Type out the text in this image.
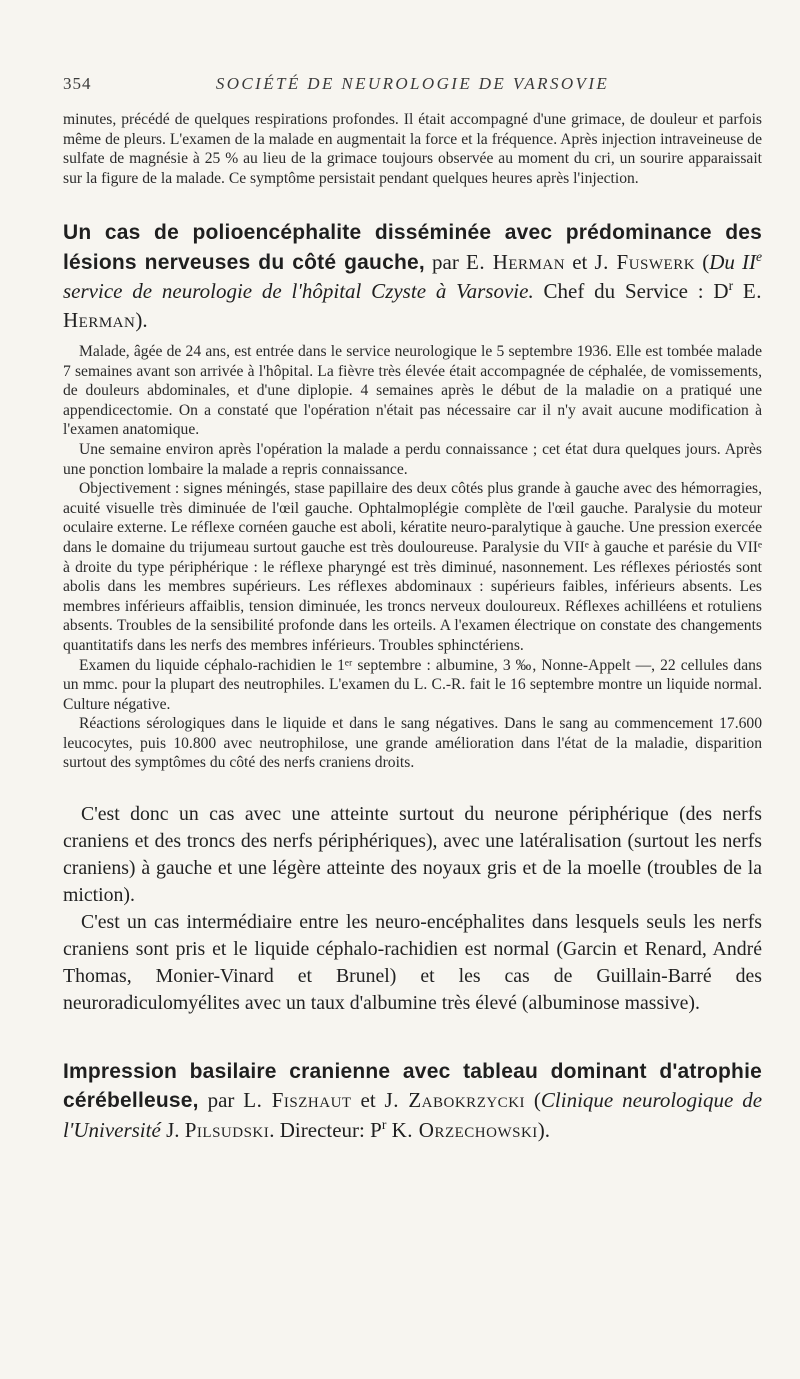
354	SOCIÉTÉ DE NEUROLOGIE DE VARSOVIE

minutes, précédé de quelques respirations profondes. Il était accompagné d'une grimace, de douleur et parfois même de pleurs. L'examen de la malade en augmentait la force et la fréquence. Après injection intraveineuse de sulfate de magnésie à 25 % au lieu de la grimace toujours observée au moment du cri, un sourire apparaissait sur la figure de la malade. Ce symptôme persistait pendant quelques heures après l'injection.

Un cas de polioencéphalite disséminée avec prédominance des lésions nerveuses du côté gauche, par E. Herman et J. Fuswerk (Du IIe service de neurologie de l'hôpital Czyste à Varsovie. Chef du Service : $D^r$ E. Herman).

Malade, âgée de 24 ans, est entrée dans le service neurologique le 5 septembre 1936. Elle est tombée malade 7 semaines avant son arrivée à l'hôpital. La fièvre très élevée était accompagnée de céphalée, de vomissements, de douleurs abdominales, et d'une diplopie. 4 semaines après le début de la maladie on a pratiqué une appendicectomie. On a constaté que l'opération n'était pas nécessaire car il n'y avait aucune modification à l'examen anatomique.

Une semaine environ après l'opération la malade a perdu connaissance ; cet état dura quelques jours. Après une ponction lombaire la malade a repris connaissance.

Objectivement : signes méningés, stase papillaire des deux côtés plus grande à gauche avec des hémorragies, acuité visuelle très diminuée de l'œil gauche. Ophtalmoplégie complète de l'œil gauche. Paralysie du moteur oculaire externe. Le réflexe cornéen gauche est aboli, kératite neuro-paralytique à gauche. Une pression exercée dans le domaine du trijumeau surtout gauche est très douloureuse. Paralysie du VIIᵉ à gauche et parésie du VIIᵉ à droite du type périphérique : le réflexe pharyngé est très diminué, nasonnement. Les réflexes périostés sont abolis dans les membres supérieurs. Les réflexes abdominaux : supérieurs faibles, inférieurs absents. Les membres inférieurs affaiblis, tension diminuée, les troncs nerveux douloureux. Réflexes achilléens et rotuliens absents. Troubles de la sensibilité profonde dans les orteils. A l'examen électrique on constate des changements quantitatifs dans les nerfs des membres inférieurs. Troubles sphinctériens.

Examen du liquide céphalo-rachidien le 1ᵉʳ septembre : albumine, 3 ‰, Nonne-Appelt —, 22 cellules dans un mmc. pour la plupart des neutrophiles. L'examen du L. C.-R. fait le 16 septembre montre un liquide normal. Culture négative.

Réactions sérologiques dans le liquide et dans le sang négatives. Dans le sang au commencement 17.600 leucocytes, puis 10.800 avec neutrophilose, une grande amélioration dans l'état de la maladie, disparition surtout des symptômes du côté des nerfs craniens droits.

C'est donc un cas avec une atteinte surtout du neurone périphérique (des nerfs craniens et des troncs des nerfs périphériques), avec une latéralisation (surtout les nerfs craniens) à gauche et une légère atteinte des noyaux gris et de la moelle (troubles de la miction).

C'est un cas intermédiaire entre les neuro-encéphalites dans lesquels seuls les nerfs craniens sont pris et le liquide céphalo-rachidien est normal (Garcin et Renard, André Thomas, Monier-Vinard et Brunel) et les cas de Guillain-Barré des neuroradiculomyélites avec un taux d'albumine très élevé (albuminose massive).

Impression basilaire cranienne avec tableau dominant d'atrophie cérébelleuse, par L. Fiszhaut et J. Zabokrzycki (Clinique neurologique de l'Université J. Pilsudski. Directeur: $P^r$ K. Orzechowski).
